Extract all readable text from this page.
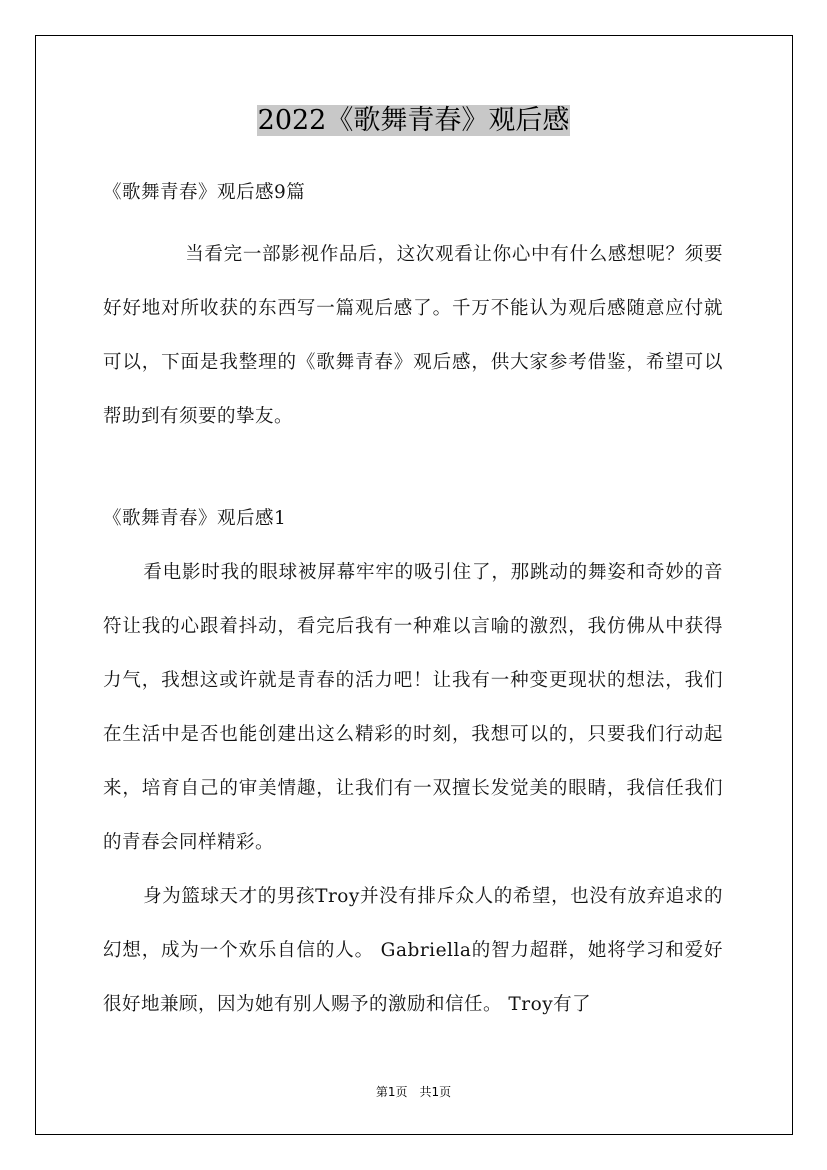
2022《歌舞青春》观后感
《歌舞青春》观后感9篇
当看完一部影视作品后，这次观看让你心中有什么感想呢？须要好好地对所收获的东西写一篇观后感了。千万不能认为观后感随意应付就可以，下面是我整理的《歌舞青春》观后感，供大家参考借鉴，希望可以帮助到有须要的挚友。
《歌舞青春》观后感1
看电影时我的眼球被屏幕牢牢的吸引住了，那跳动的舞姿和奇妙的音符让我的心跟着抖动，看完后我有一种难以言喻的激烈，我仿佛从中获得力气，我想这或许就是青春的活力吧！让我有一种变更现状的想法，我们在生活中是否也能创建出这么精彩的时刻，我想可以的，只要我们行动起来，培育自己的审美情趣，让我们有一双擅长发觉美的眼睛，我信任我们的青春会同样精彩。
身为篮球天才的男孩Troy并没有排斥众人的希望，也没有放弃追求的幻想，成为一个欢乐自信的人。 Gabriella的智力超群，她将学习和爱好很好地兼顾，因为她有别人赐予的激励和信任。 Troy有了
第1页　共1页
